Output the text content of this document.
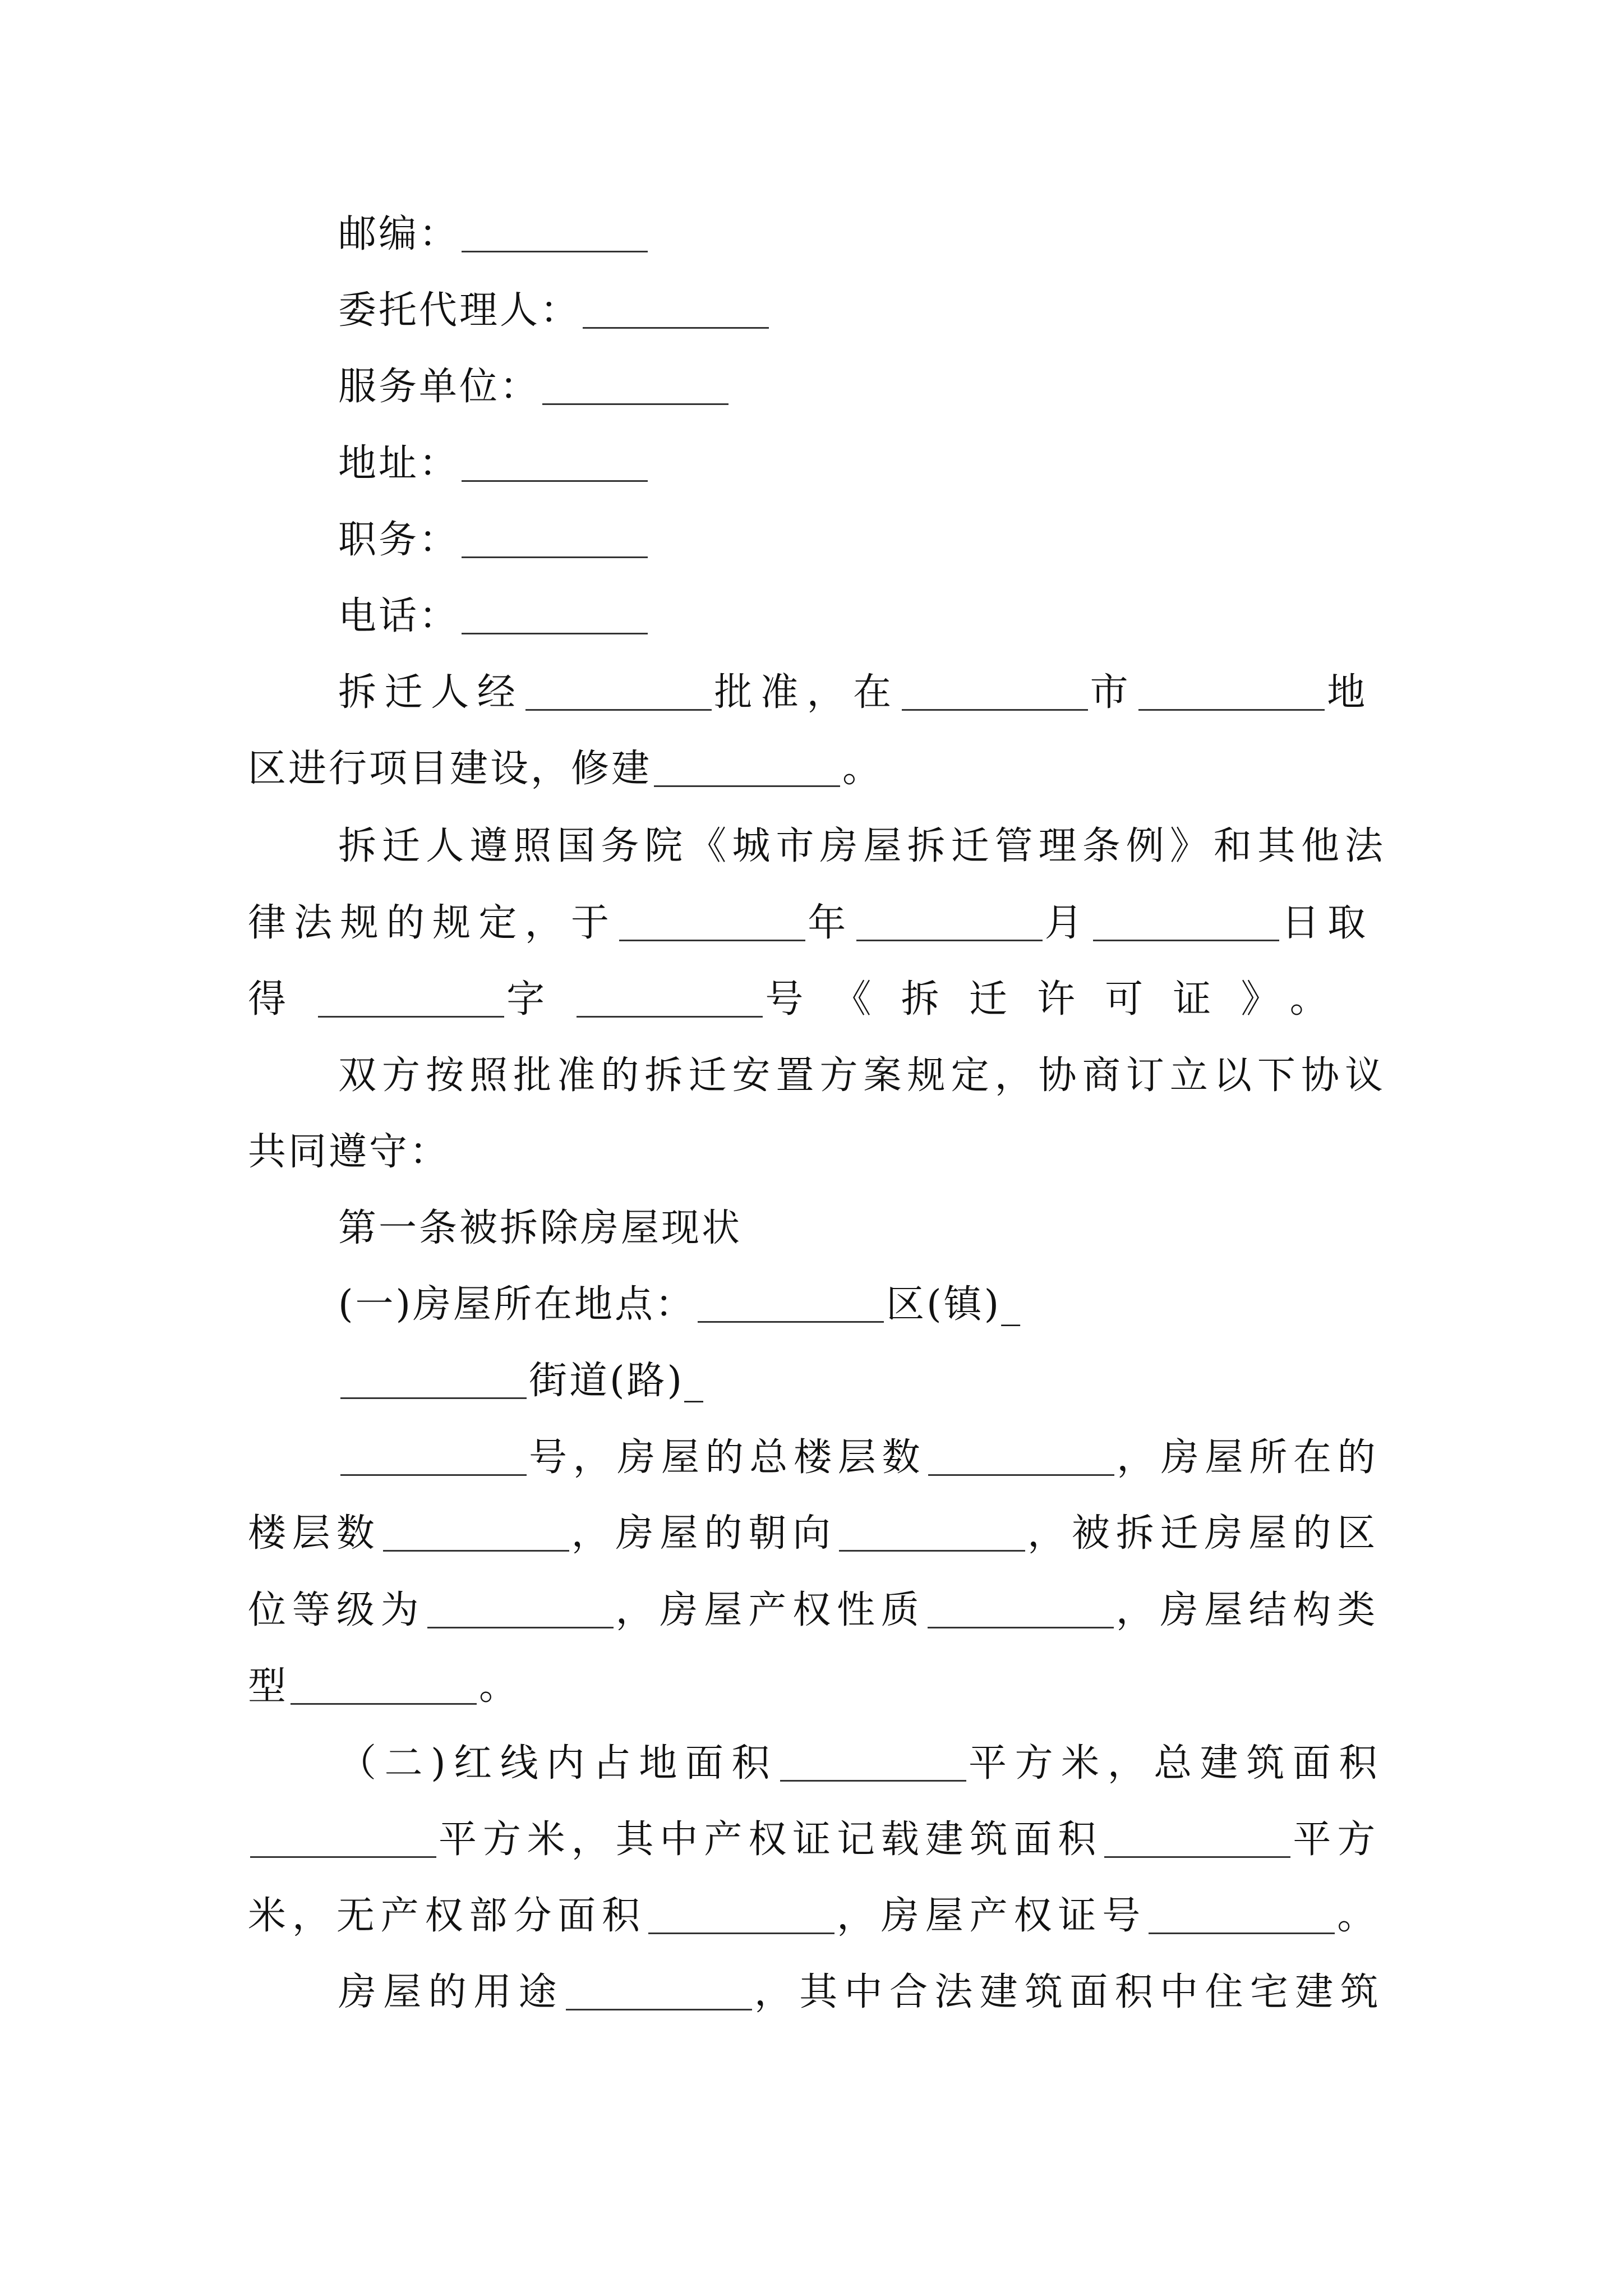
邮编：
委托代理人：
服务单位：
地址：
职务：
电话：
拆迁人经	批准，在	市	地
区进行项目建设，修建	。
拆迁人遵照国务院《城市房屋拆迁管理条例》和其他法
律法规的规定，于	年	月	日取
得	字	号《拆迁许可证》。
双方按照批准的拆迁安置方案规定，协商订立以下协议
共同遵守：
第一条被拆除房屋现状
(一)房屋所在地点：	区(镇)_
街道(路)_
号，房屋的总楼层数	，房屋所在的
楼层数	，房屋的朝向	，被拆迁房屋的区
位等级为	，房屋产权性质	，房屋结构类
型	。
（二)红线内占地面积	平方米，总建筑面积
平方米，其中产权证记载建筑面积	平方
米，无产权部分面积	，房屋产权证号	。
房屋的用途	，其中合法建筑面积中住宅建筑
